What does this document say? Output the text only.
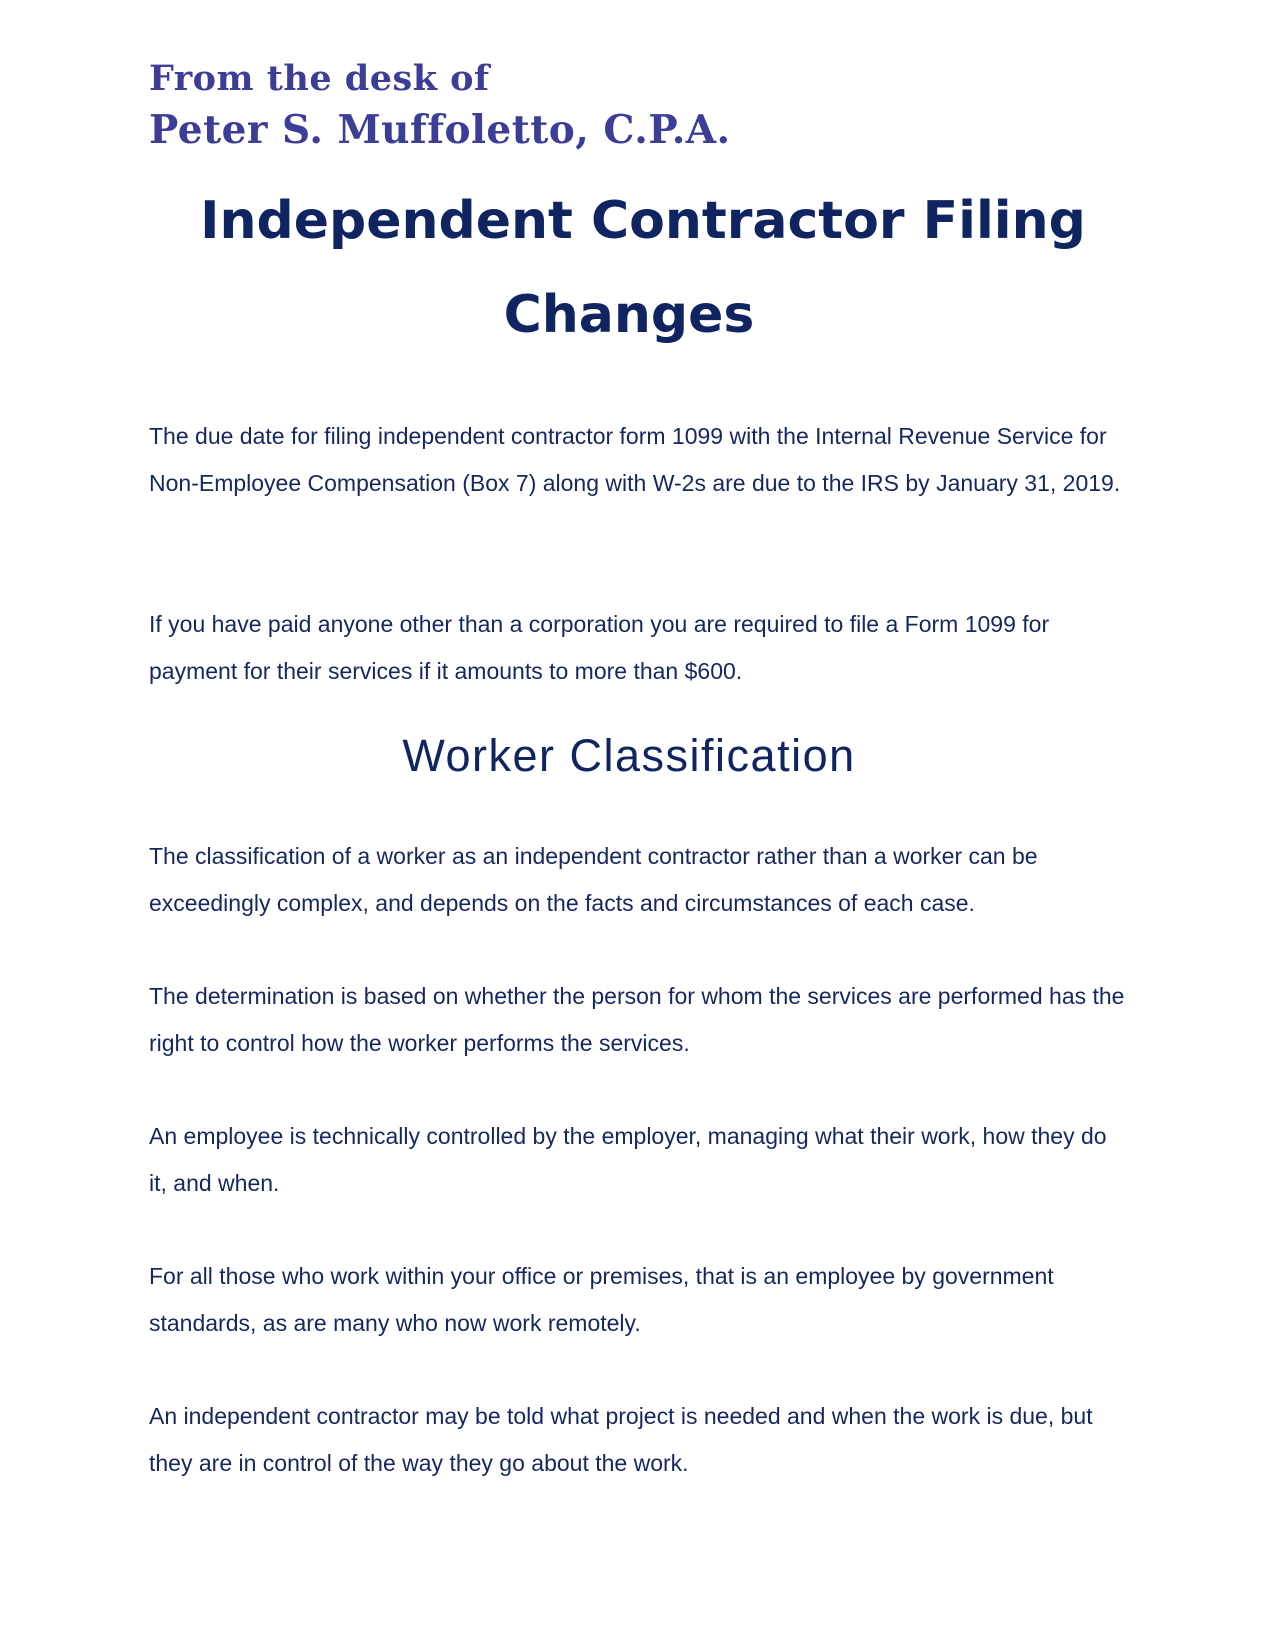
From the desk of
Peter S. Muffoletto, C.P.A.
Independent Contractor Filing
Changes

The due date for filing independent contractor form 1099 with the Internal Revenue Service for Non-Employee Compensation (Box 7) along with W-2s are due to the IRS by January 31, 2019.

If you have paid anyone other than a corporation you are required to file a Form 1099 for payment for their services if it amounts to more than $600.

Worker Classification

The classification of a worker as an independent contractor rather than a worker can be exceedingly complex, and depends on the facts and circumstances of each case.

The determination is based on whether the person for whom the services are performed has the right to control how the worker performs the services.

An employee is technically controlled by the employer, managing what their work, how they do it, and when.

For all those who work within your office or premises, that is an employee by government standards, as are many who now work remotely.

An independent contractor may be told what project is needed and when the work is due, but they are in control of the way they go about the work.
